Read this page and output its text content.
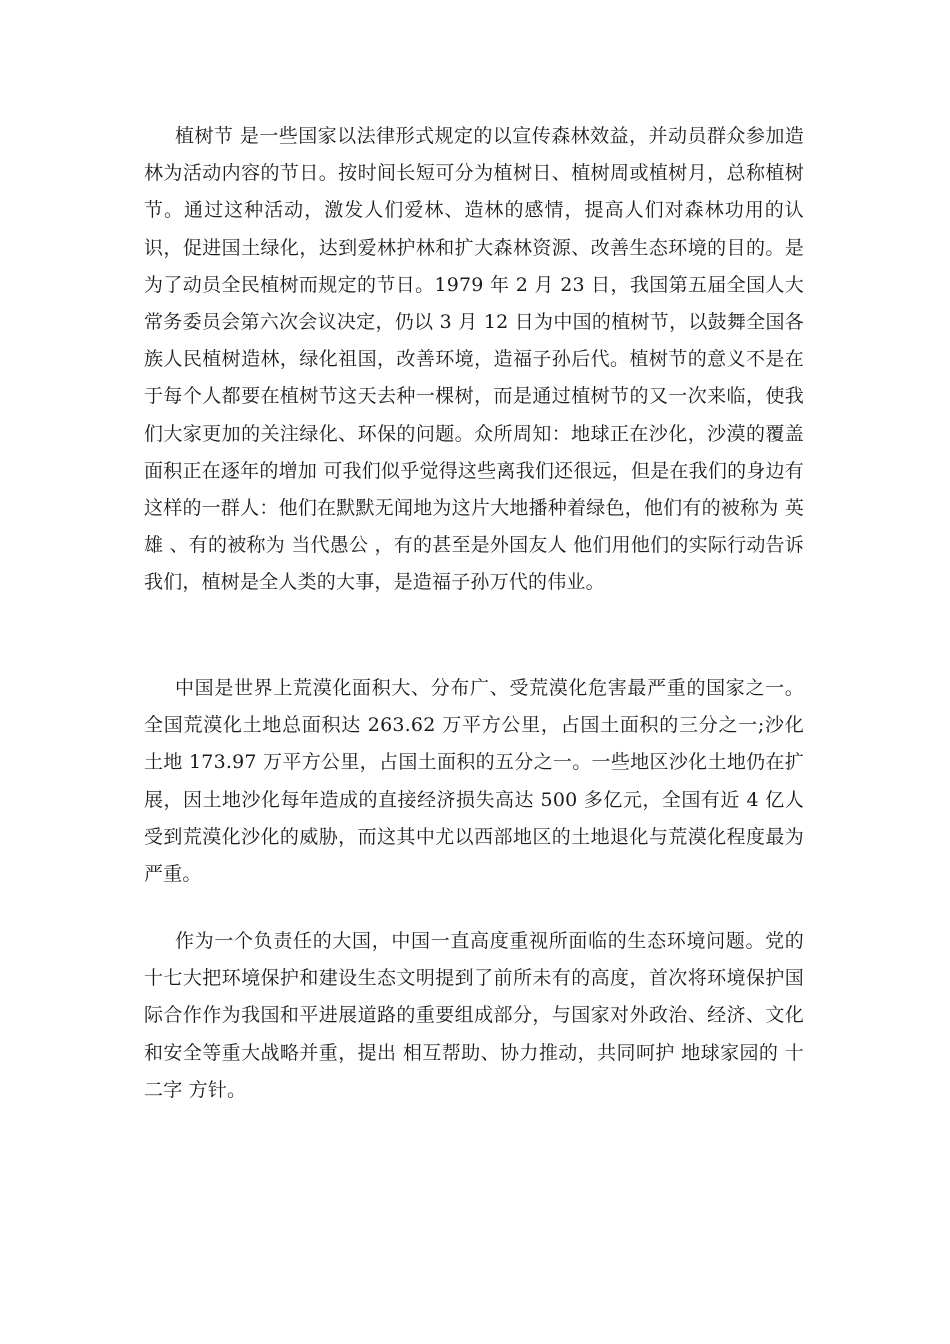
植树节 是一些国家以法律形式规定的以宣传森林效益，并动员群众参加造林为活动内容的节日。按时间长短可分为植树日、植树周或植树月，总称植树节。通过这种活动，激发人们爱林、造林的感情，提高人们对森林功用的认识，促进国土绿化，达到爱林护林和扩大森林资源、改善生态环境的目的。是为了动员全民植树而规定的节日。1979 年 2 月 23 日，我国第五届全国人大常务委员会第六次会议决定，仍以 3 月 12 日为中国的植树节，以鼓舞全国各族人民植树造林，绿化祖国，改善环境，造福子孙后代。植树节的意义不是在于每个人都要在植树节这天去种一棵树，而是通过植树节的又一次来临，使我们大家更加的关注绿化、环保的问题。众所周知：地球正在沙化，沙漠的覆盖面积正在逐年的增加 可我们似乎觉得这些离我们还很远，但是在我们的身边有这样的一群人：他们在默默无闻地为这片大地播种着绿色，他们有的被称为 英雄 、有的被称为 当代愚公 ，有的甚至是外国友人 他们用他们的实际行动告诉我们，植树是全人类的大事，是造福子孙万代的伟业。

中国是世界上荒漠化面积大、分布广、受荒漠化危害最严重的国家之一。全国荒漠化土地总面积达 263.62 万平方公里，占国土面积的三分之一;沙化土地 173.97 万平方公里，占国土面积的五分之一。一些地区沙化土地仍在扩展，因土地沙化每年造成的直接经济损失高达 500 多亿元，全国有近 4 亿人受到荒漠化沙化的威胁，而这其中尤以西部地区的土地退化与荒漠化程度最为严重。

作为一个负责任的大国，中国一直高度重视所面临的生态环境问题。党的十七大把环境保护和建设生态文明提到了前所未有的高度，首次将环境保护国际合作作为我国和平进展道路的重要组成部分，与国家对外政治、经济、文化和安全等重大战略并重，提出 相互帮助、协力推动，共同呵护 地球家园的 十二字 方针。
